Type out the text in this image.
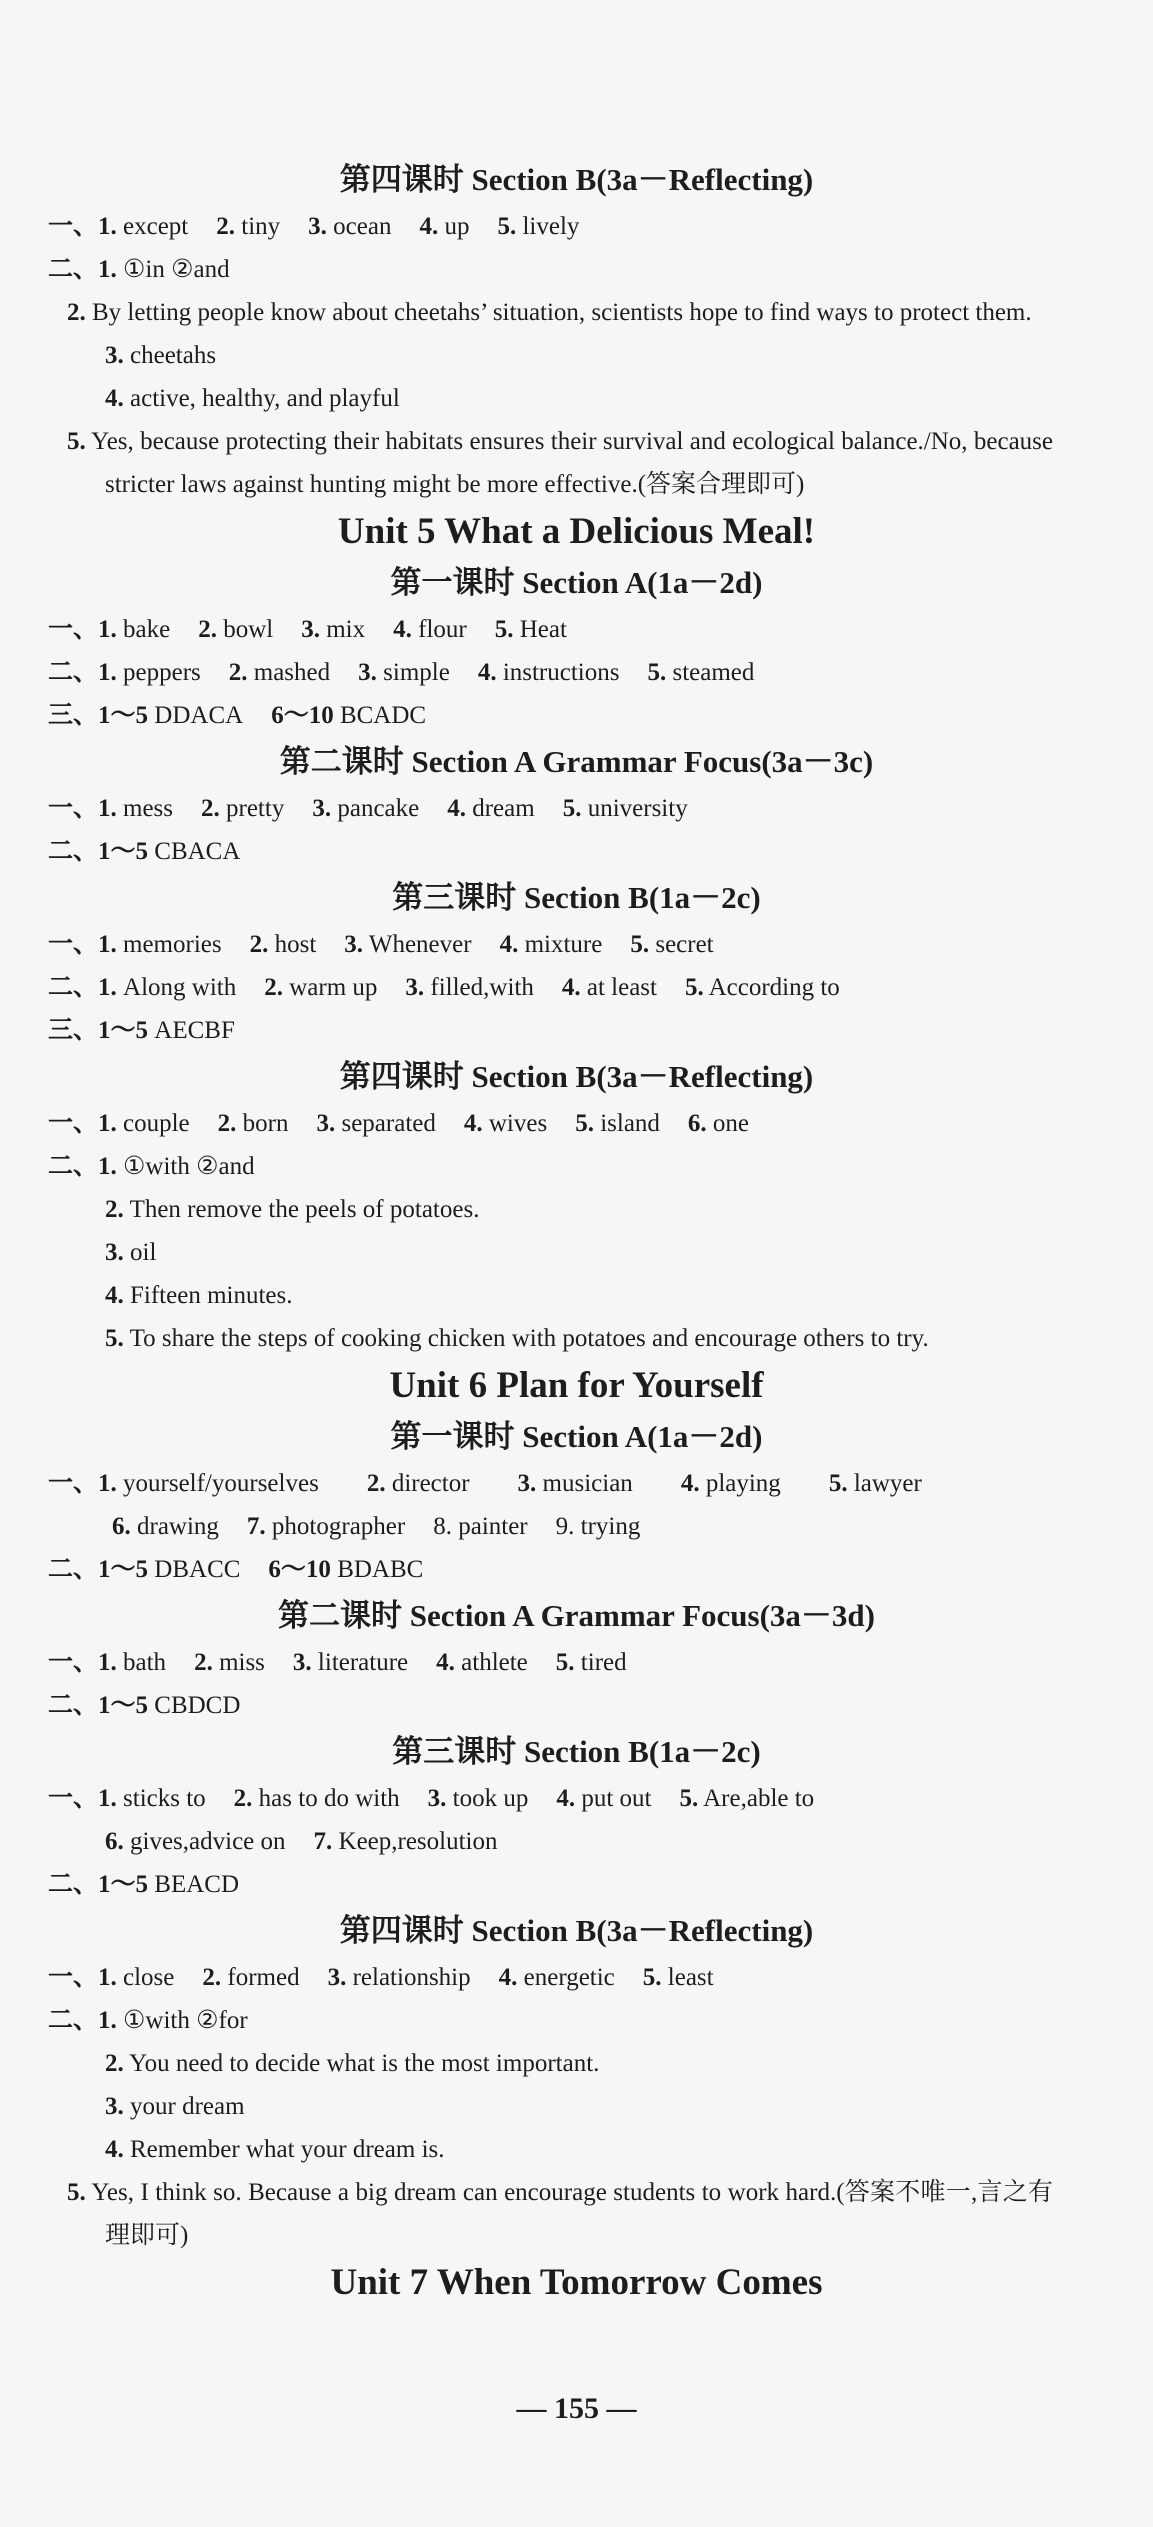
第四课时 Section B(3a－Reflecting)
一、1. except 2. tiny 3. ocean 4. up 5. lively
二、1. ①in ②and
2. By letting people know about cheetahs’ situation, scientists hope to find ways to protect them.
3. cheetahs
4. active, healthy, and playful
5. Yes, because protecting their habitats ensures their survival and ecological balance./No, because stricter laws against hunting might be more effective.(答案合理即可)
Unit 5 What a Delicious Meal!
第一课时 Section A(1a－2d)
一、1. bake 2. bowl 3. mix 4. flour 5. Heat
二、1. peppers 2. mashed 3. simple 4. instructions 5. steamed
三、1～5 DDACA 6～10 BCADC
第二课时 Section A Grammar Focus(3a－3c)
一、1. mess 2. pretty 3. pancake 4. dream 5. university
二、1～5 CBACA
第三课时 Section B(1a－2c)
一、1. memories 2. host 3. Whenever 4. mixture 5. secret
二、1. Along with 2. warm up 3. filled,with 4. at least 5. According to
三、1～5 AECBF
第四课时 Section B(3a－Reflecting)
一、1. couple 2. born 3. separated 4. wives 5. island 6. one
二、1. ①with ②and
2. Then remove the peels of potatoes.
3. oil
4. Fifteen minutes.
5. To share the steps of cooking chicken with potatoes and encourage others to try.
Unit 6 Plan for Yourself
第一课时 Section A(1a－2d)
一、1. yourself/yourselves 2. director 3. musician 4. playing 5. lawyer
6. drawing 7. photographer 8. painter 9. trying
二、1～5 DBACC 6～10 BDABC
第二课时 Section A Grammar Focus(3a－3d)
一、1. bath 2. miss 3. literature 4. athlete 5. tired
二、1～5 CBDCD
第三课时 Section B(1a－2c)
一、1. sticks to 2. has to do with 3. took up 4. put out 5. Are,able to
6. gives,advice on 7. Keep,resolution
二、1～5 BEACD
第四课时 Section B(3a－Reflecting)
一、1. close 2. formed 3. relationship 4. energetic 5. least
二、1. ①with ②for
2. You need to decide what is the most important.
3. your dream
4. Remember what your dream is.
5. Yes, I think so. Because a big dream can encourage students to work hard.(答案不唯一,言之有理即可)
Unit 7 When Tomorrow Comes
— 155 —
